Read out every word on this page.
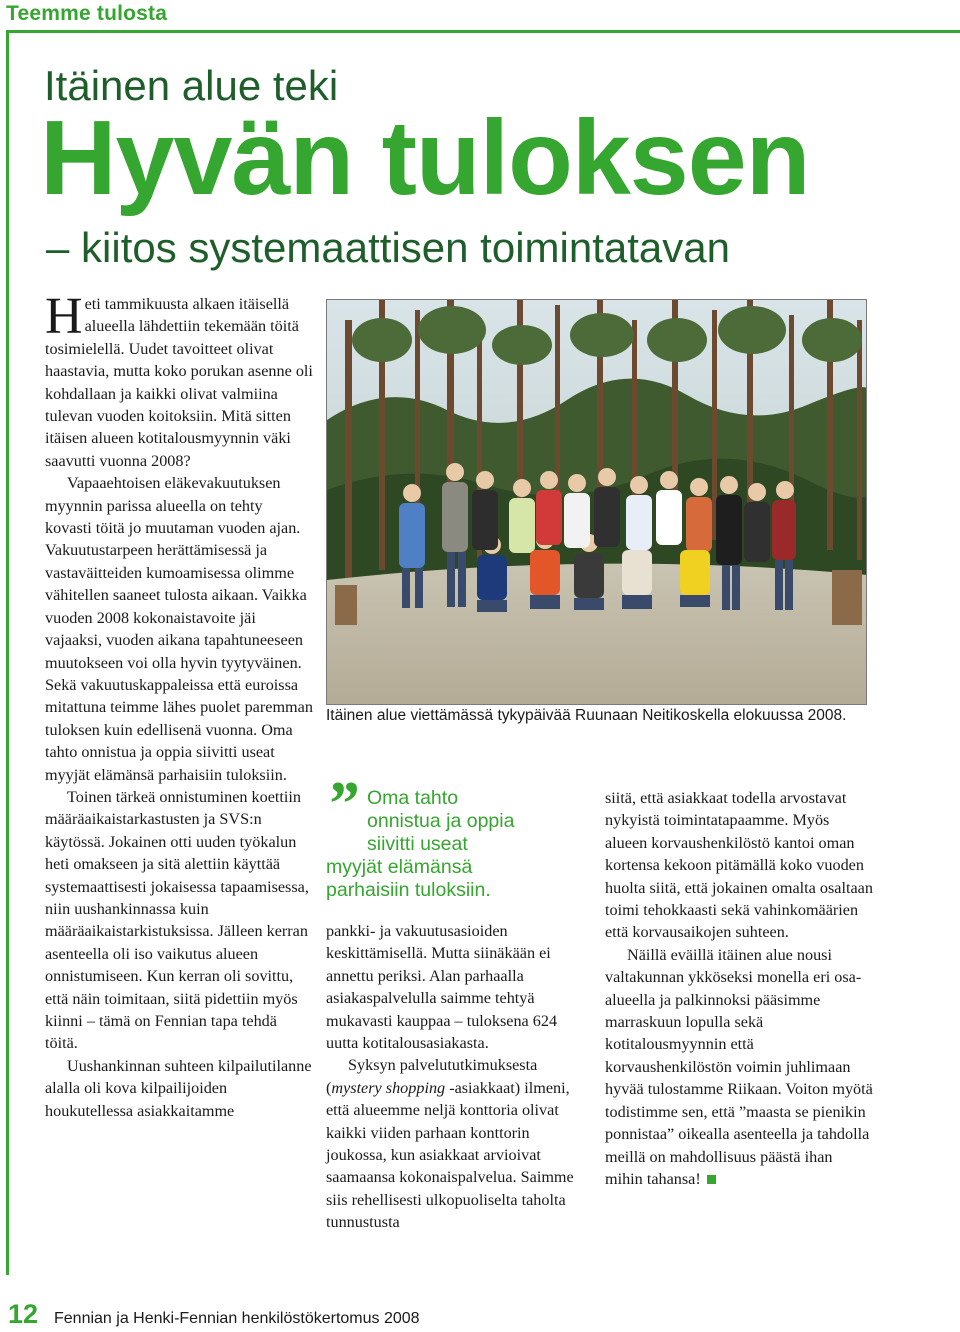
Teemme tulosta
Itäinen alue teki
Hyvän tuloksen
– kiitos systemaattisen toimintatavan

Heti tammikuusta alkaen itäisellä alueella lähdettiin tekemään töitä tosimielellä. Uudet tavoitteet olivat haastavia, mutta koko porukan asenne oli kohdallaan ja kaikki olivat valmiina tulevan vuoden koitoksiin. Mitä sitten itäisen alueen kotitalousmyynnin väki saavutti vuonna 2008?

Vapaaehtoisen eläkevakuutuksen myynnin parissa alueella on tehty kovasti töitä jo muutaman vuoden ajan. Vakuutustarpeen herättämisessä ja vastaväitteiden kumoamisessa olimme vähitellen saaneet tulosta aikaan. Vaikka vuoden 2008 kokonaistavoite jäi vajaaksi, vuoden aikana tapahtuneeseen muutokseen voi olla hyvin tyytyväinen. Sekä vakuutuskappaleissa että euroissa mitattuna teimme lähes puolet paremman tuloksen kuin edellisenä vuonna. Oma tahto onnistua ja oppia siivitti useat myyjät elämänsä parhaisiin tuloksiin.

Toinen tärkeä onnistuminen koettiin määräaikaistarkastusten ja SVS:n käytössä. Jokainen otti uuden työkalun heti omakseen ja sitä alettiin käyttää systemaattisesti jokaisessa tapaamisessa, niin uushankinnassa kuin määräaikaistarkistuksissa. Jälleen kerran asenteella oli iso vaikutus alueen onnistumiseen. Kun kerran oli sovittu, että näin toimitaan, siitä pidettiin myös kiinni – tämä on Fennian tapa tehdä töitä.

Uushankinnan suhteen kilpailutilanne alalla oli kova kilpailijoiden houkutellessa asiakkaitamme

Itäinen alue viettämässä tykypäivää Ruunaan Neitikoskella elokuussa 2008.
” Oma tahto
onnistua ja oppia
siivitti useat
myyjät elämänsä
parhaisiin tuloksiin.

pankki- ja vakuutusasioiden keskittämisellä. Mutta siinäkään ei annettu periksi. Alan parhaalla asiakaspalvelulla saimme tehtyä mukavasti kauppaa – tuloksena 624 uutta kotitalousasiakasta.

Syksyn palvelututkimuksesta (mystery shopping -asiakkaat) ilmeni, että alueemme neljä konttoria olivat kaikki viiden parhaan konttorin joukossa, kun asiakkaat arvioivat saamaansa kokonaispalvelua. Saimme siis rehellisesti ulkopuoliselta taholta tunnustusta

siitä, että asiakkaat todella arvostavat nykyistä toimintatapaamme. Myös alueen korvaushenkilöstö kantoi oman kortensa kekoon pitämällä koko vuoden huolta siitä, että jokainen omalta osaltaan toimi tehokkaasti sekä vahinkomäärien että korvausaikojen suhteen.

Näillä eväillä itäinen alue nousi valtakunnan ykköseksi monella eri osa-alueella ja palkinnoksi pääsimme marraskuun lopulla sekä kotitalousmyynnin että korvaushenkilöstön voimin juhlimaan hyvää tulostamme Riikaan. Voiton myötä todistimme sen, että ”maasta se pienikin ponnistaa” oikealla asenteella ja tahdolla meillä on mahdollisuus päästä ihan mihin tahansa!

12 Fennian ja Henki-Fennian henkilöstökertomus 2008
